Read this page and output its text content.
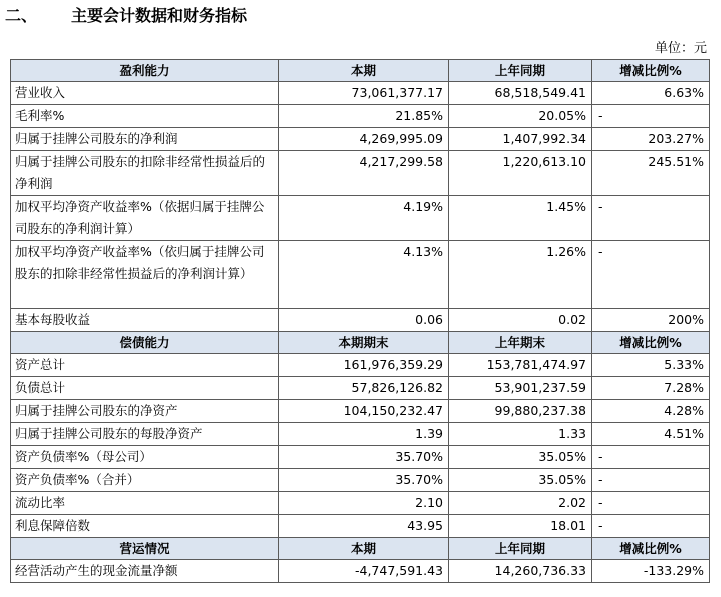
二、 主要会计数据和财务指标
单位：元
盈利能力	本期	上年同期	增减比例%
营业收入	73,061,377.17	68,518,549.41	6.63%
毛利率%	21.85%	20.05%	-
归属于挂牌公司股东的净利润	4,269,995.09	1,407,992.34	203.27%
归属于挂牌公司股东的扣除非经常性损益后的净利润	4,217,299.58	1,220,613.10	245.51%
加权平均净资产收益率%（依据归属于挂牌公司股东的净利润计算）	4.19%	1.45%	-
加权平均净资产收益率%（依归属于挂牌公司股东的扣除非经常性损益后的净利润计算）	4.13%	1.26%	-
基本每股收益	0.06	0.02	200%
偿债能力	本期期末	上年期末	增减比例%
资产总计	161,976,359.29	153,781,474.97	5.33%
负债总计	57,826,126.82	53,901,237.59	7.28%
归属于挂牌公司股东的净资产	104,150,232.47	99,880,237.38	4.28%
归属于挂牌公司股东的每股净资产	1.39	1.33	4.51%
资产负债率%（母公司）	35.70%	35.05%	-
资产负债率%（合并）	35.70%	35.05%	-
流动比率	2.10	2.02	-
利息保障倍数	43.95	18.01	-
营运情况	本期	上年同期	增减比例%
经营活动产生的现金流量净额	-4,747,591.43	14,260,736.33	-133.29%
